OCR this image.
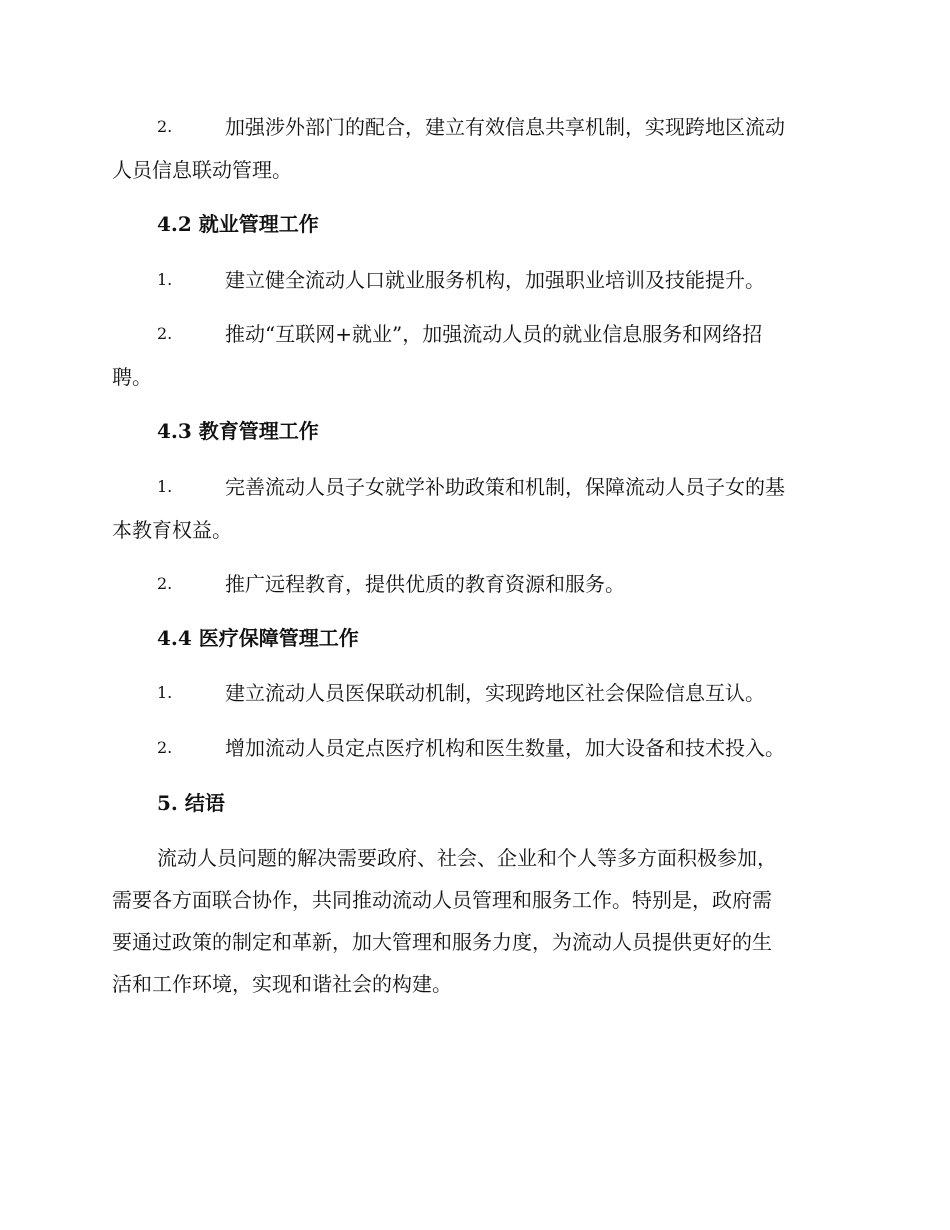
2.	加强涉外部门的配合，建立有效信息共享机制，实现跨地区流动
人员信息联动管理。
4.2 就业管理工作
1.	建立健全流动人口就业服务机构，加强职业培训及技能提升。
2.	推动“互联网+就业”，加强流动人员的就业信息服务和网络招
聘。
4.3 教育管理工作
1.	完善流动人员子女就学补助政策和机制，保障流动人员子女的基
本教育权益。
2.	推广远程教育，提供优质的教育资源和服务。
4.4 医疗保障管理工作
1.	建立流动人员医保联动机制，实现跨地区社会保险信息互认。
2.	增加流动人员定点医疗机构和医生数量，加大设备和技术投入。
5. 结语
流动人员问题的解决需要政府、社会、企业和个人等多方面积极参加，
需要各方面联合协作，共同推动流动人员管理和服务工作。特别是，政府需
要通过政策的制定和革新，加大管理和服务力度，为流动人员提供更好的生
活和工作环境，实现和谐社会的构建。
